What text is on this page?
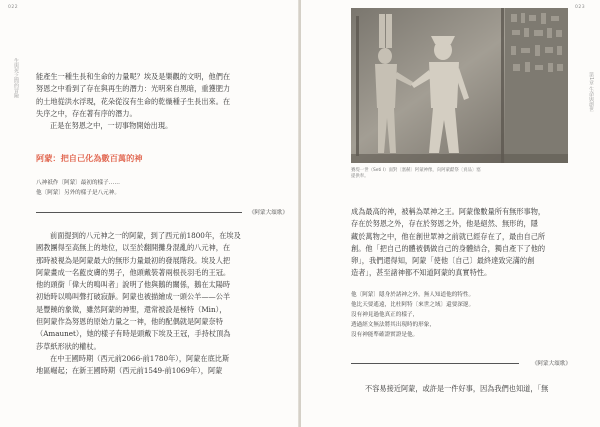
022
生與死之間的冒險 能產生一種生長和生命的力量呢？埃及是樂觀的文明，他們在

努恩之中看到了存在與再生的潛力：光明來自黑暗，重獲肥力

的土地從洪水浮現，花朵從沒有生命的乾燥種子生長出來。在

失序之中，存在著有序的潛力。

正是在努恩之中，一切事物開始出現。

阿蒙：把自己化為數百萬的神
八神祇作〔阿蒙〕最初的樣子……
他〔阿蒙〕另外的樣子是八元神。
《阿蒙大頌歌》

前面提到的八元神之一的阿蒙，到了西元前1800年，在埃及

國教團得至高無上的地位，以至於翻開攤身混亂的八元神，在

那時被視為是阿蒙最大的無形力量最初的發展階段。埃及人把

阿蒙畫成一名藍皮膚的男子，他頭戴裝著兩根長羽毛的王冠。

他的頭銜「偉大的鳴叫者」說明了他與鵝的關係，鵝在太陽時

初始時以鳴叫聲打破寂靜。阿蒙也被描繪成一頭公羊——公羊

是豐饒的象徵，雖然阿蒙的神聖，還常被設是極特（Min），

但阿蒙作為努恩的原始力量之一神，他的配偶就是阿蒙奈特

（Amaunet），她的樣子有時是頭戴下埃及王冠，手持杖頂為

莎草紙形狀的權杖。

在中王國時期（西元前2066-前1780年），阿蒙在底比斯

地區崛起；在新王國時期（西元前1549-前1069年），阿蒙

023
第1章 生命與創世
賽堤一世（Seti I）面對〔塞赫〕阿蒙神像，向阿蒙獻祭〔貢品〕塞提供奉。

成為最高的神，被稱為眾神之王。阿蒙像數量所有無形事物，

存在於努恩之外，存在於努恩之外，他是絕然、無形的，隱

藏於萬物之中，他在創世眾神之前就已經存在了，最由自己所

創。他「把自己的體被偶做自己的身體結合，獨自產下了他的

卵」，我們還得知，阿蒙「使他〔自己〕最終達致完滿的創

造者」，甚至諸神都不知道阿蒙的真實特性。

他〔阿蒙〕隱身於諸神之外，無人知道他的特性。
他比天要遙遠，比杜阿特〔來世之域〕還要深邃。
沒有神見過他真正的樣子，
透過經文無法將其出現時的形象，
沒有神能準確證實證是他。
《阿蒙大頌歌》

不容易接近阿蒙，或許是一件好事，因為我們也知道，「無
